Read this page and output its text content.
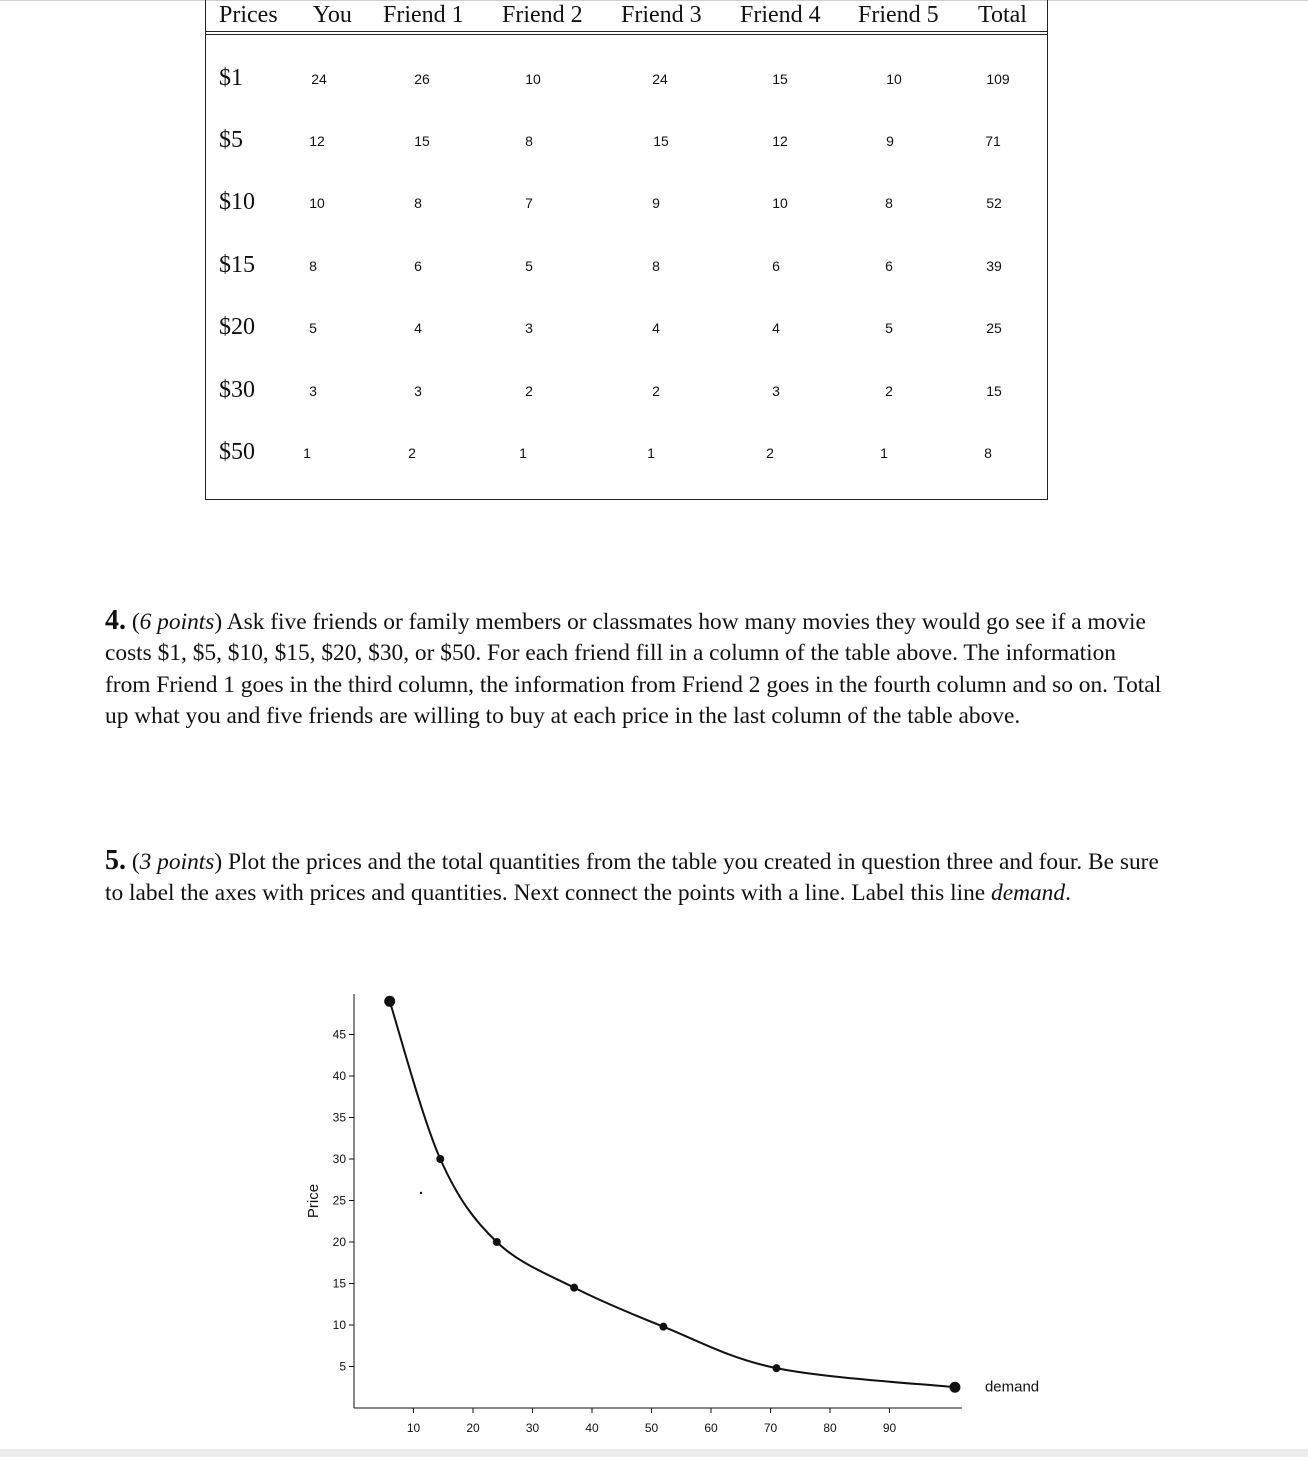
Prices You Friend 1 Friend 2 Friend 3 Friend 4 Friend 5 Total
$1	24	26	10	24	15	10	109
$5	12	15	8	15	12	9	71
$10	10	8	7	9	10	8	52
$15	8	6	5	8	6	6	39
$20	5	4	3	4	4	5	25
$30	3	3	2	2	3	2	15
$50	1	2	1	1	2	1	8
4. (6 points) Ask five friends or family members or classmates how many movies they would go see if a movie costs $1, $5, $10, $15, $20, $30, or $50. For each friend fill in a column of the table above. The information from Friend 1 goes in the third column, the information from Friend 2 goes in the fourth column and so on. Total up what you and five friends are willing to buy at each price in the last column of the table above.
5. (3 points) Plot the prices and the total quantities from the table you created in question three and four. Be sure to label the axes with prices and quantities. Next connect the points with a line. Label this line demand.
5
10
15
20
25
30
35
40
45
10	20	30	40	50	60	70	80	90
Price
demand
